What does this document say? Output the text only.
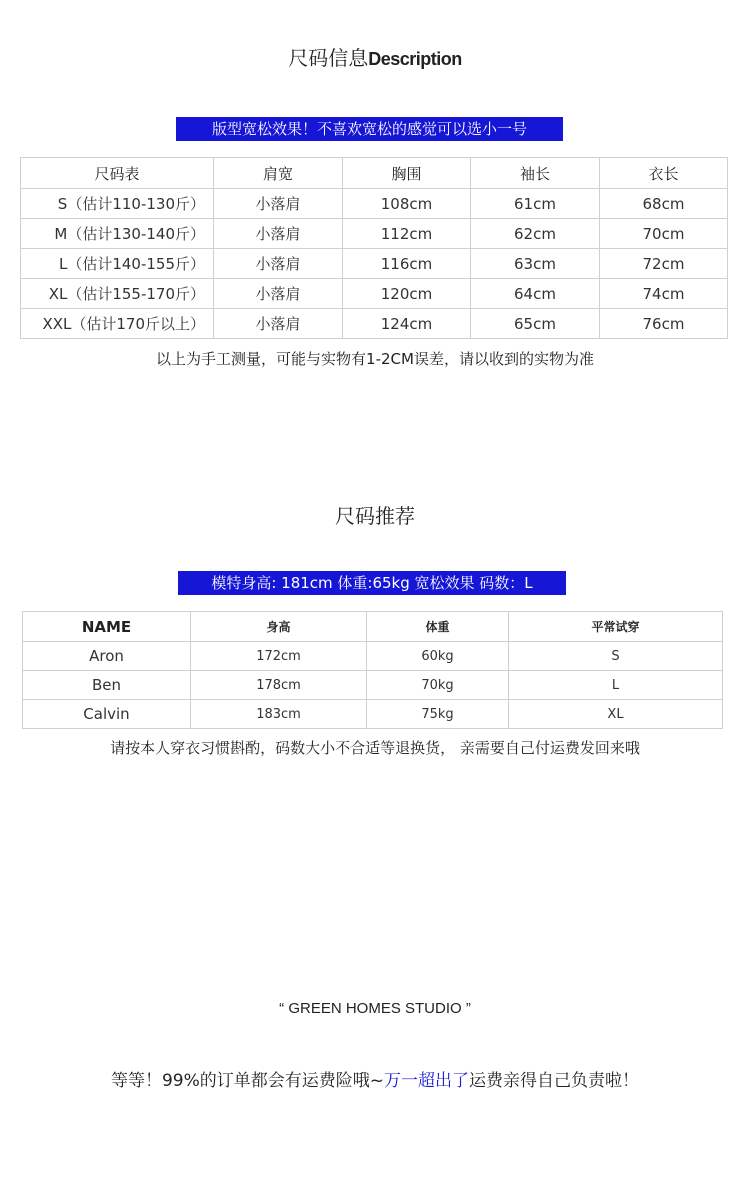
尺码信息Description
版型宽松效果！不喜欢宽松的感觉可以选小一号
尺码表	肩宽	胸围	袖长	衣长
S（估计110-130斤）	小落肩	108cm	61cm	68cm
M（估计130-140斤）	小落肩	112cm	62cm	70cm
L（估计140-155斤）	小落肩	116cm	63cm	72cm
XL（估计155-170斤）	小落肩	120cm	64cm	74cm
XXL（估计170斤以上）	小落肩	124cm	65cm	76cm
以上为手工测量，可能与实物有1-2CM误差，请以收到的实物为准
尺码推荐
模特身高: 181cm 体重:65kg 宽松效果 码数：L
NAME	身高	体重	平常试穿
Aron	172cm	60kg	S
Ben	178cm	70kg	L
Calvin	183cm	75kg	XL
请按本人穿衣习惯斟酌，码数大小不合适等退换货， 亲需要自己付运费发回来哦
“ GREEN HOMES STUDIO ”
等等！99%的订单都会有运费险哦~万一超出了运费亲得自己负责啦！
